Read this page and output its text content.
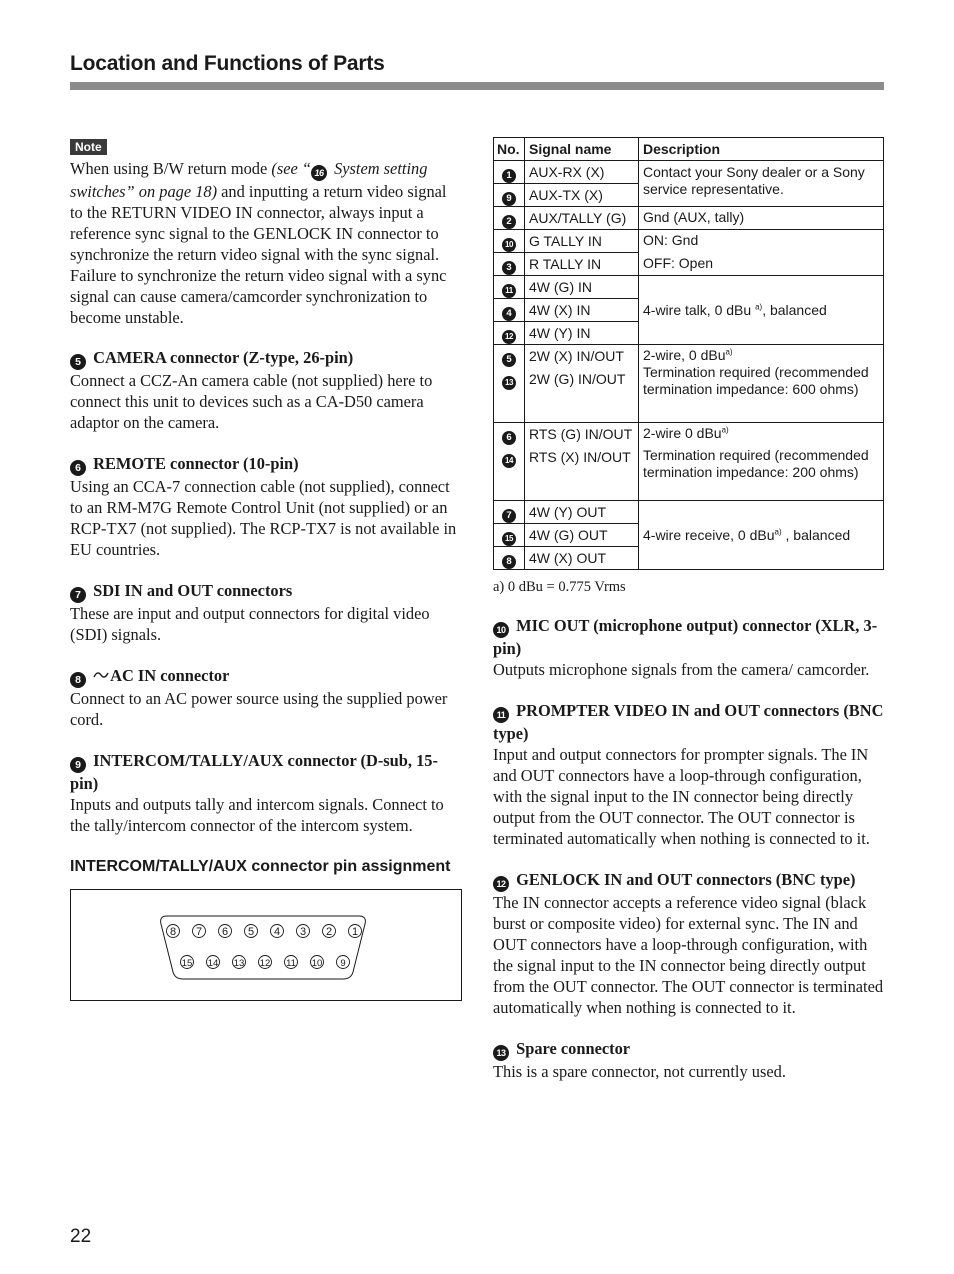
Location and Functions of Parts
Note

When using B/W return mode (see “ 16 System setting switches” on page 18) and inputting a return video signal to the RETURN VIDEO IN connector, always input a reference sync signal to the GENLOCK IN connector to synchronize the return video signal with the sync signal. Failure to synchronize the return video signal with a sync signal can cause camera/camcorder synchronization to become unstable.

5 CAMERA connector (Z-type, 26-pin)

Connect a CCZ-An camera cable (not supplied) here to connect this unit to devices such as a CA-D50 camera adaptor on the camera.

6 REMOTE connector (10-pin)

Using an CCA-7 connection cable (not supplied), connect to an RM-M7G Remote Control Unit (not supplied) or an RCP-TX7 (not supplied). The RCP-TX7 is not available in EU countries.

7 SDI IN and OUT connectors

These are input and output connectors for digital video (SDI) signals.

8 AC IN connector

Connect to an AC power source using the supplied power cord.

9 INTERCOM/TALLY/AUX connector (D-sub, 15-pin)

Inputs and outputs tally and intercom signals. Connect to the tally/intercom connector of the intercom system.

INTERCOM/TALLY/AUX connector pin assignment
8 7 6 5 4 3 2 1
15 14 13 12 11 10 9
No.	Signal name	Description
1	AUX-RX (X)	Contact your Sony dealer or a Sony service representative.
9	AUX-TX (X)	
2	AUX/TALLY (G)	Gnd (AUX, tally)
10	G TALLY IN	ON: Gnd
3	R TALLY IN	OFF: Open
11	4W (G) IN	4-wire talk, 0 dBu $^{a)}$, balanced
4	4W (X) IN	
12	4W (Y) IN	
5	2W (X) IN/OUT	2-wire, 0 dBu$^{a)}$
Termination required (recommended termination impedance: 600 ohms)

13	2W (G) IN/OUT	
6	RTS (G) IN/OUT	2-wire 0 dBu$^{a)}$
Termination required (recommended termination impedance: 200 ohms)

14	RTS (X) IN/OUT	
7	4W (Y) OUT	4-wire receive, 0 dBu$^{a)}$ , balanced
15	4W (G) OUT	
8	4W (X) OUT	
a) 0 dBu = 0.775 Vrms
10 MIC OUT (microphone output) connector (XLR, 3-pin)

Outputs microphone signals from the camera/ camcorder.

11 PROMPTER VIDEO IN and OUT connectors (BNC type)

Input and output connectors for prompter signals. The IN and OUT connectors have a loop-through configuration, with the signal input to the IN connector being directly output from the OUT connector. The OUT connector is terminated automatically when nothing is connected to it.

12 GENLOCK IN and OUT connectors (BNC type)

The IN connector accepts a reference video signal (black burst or composite video) for external sync. The IN and OUT connectors have a loop-through configuration, with the signal input to the IN connector being directly output from the OUT connector. The OUT connector is terminated automatically when nothing is connected to it.

13 Spare connector

This is a spare connector, not currently used.

22
